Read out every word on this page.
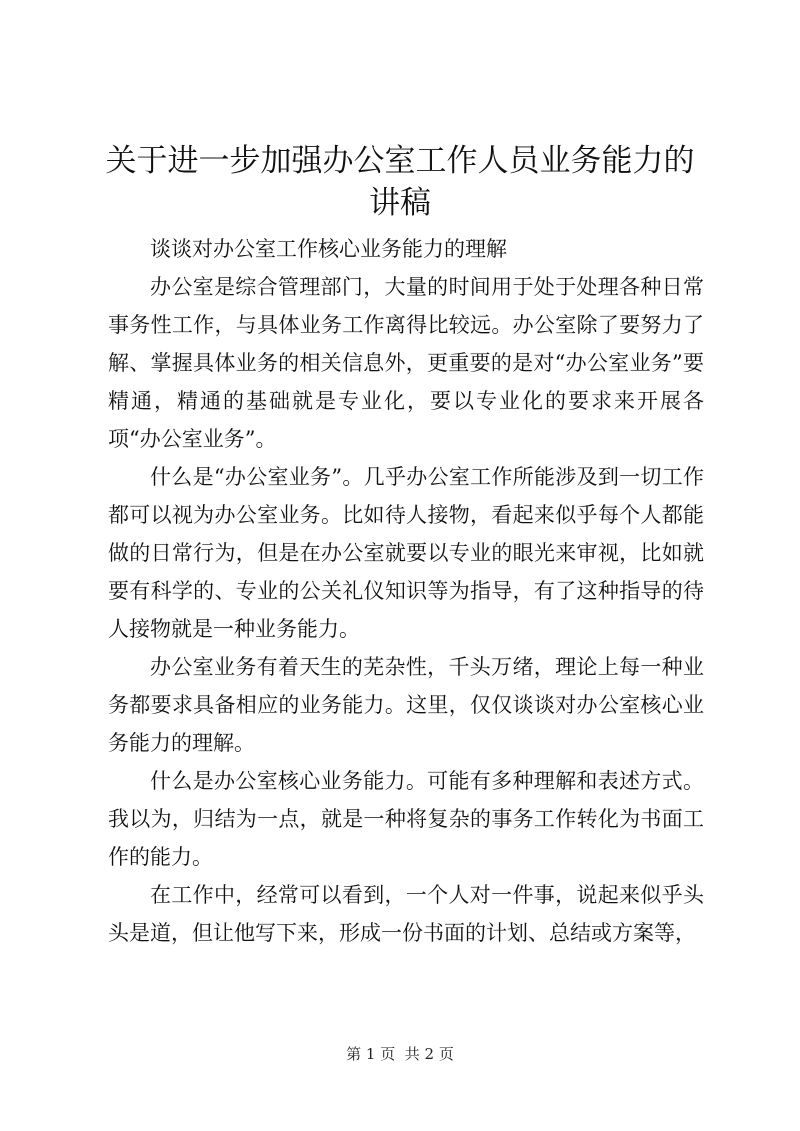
关于进一步加强办公室工作人员业务能力的讲稿

谈谈对办公室工作核心业务能力的理解

办公室是综合管理部门，大量的时间用于处于处理各种日常事务性工作，与具体业务工作离得比较远。办公室除了要努力了解、掌握具体业务的相关信息外，更重要的是对“办公室业务”要精通，精通的基础就是专业化，要以专业化的要求来开展各项“办公室业务”。

什么是“办公室业务”。几乎办公室工作所能涉及到一切工作都可以视为办公室业务。比如待人接物，看起来似乎每个人都能做的日常行为，但是在办公室就要以专业的眼光来审视，比如就要有科学的、专业的公关礼仪知识等为指导，有了这种指导的待人接物就是一种业务能力。

办公室业务有着天生的芜杂性，千头万绪，理论上每一种业务都要求具备相应的业务能力。这里，仅仅谈谈对办公室核心业务能力的理解。

什么是办公室核心业务能力。可能有多种理解和表述方式。我以为，归结为一点，就是一种将复杂的事务工作转化为书面工作的能力。

在工作中，经常可以看到，一个人对一件事，说起来似乎头头是道，但让他写下来，形成一份书面的计划、总结或方案等，

第 1 页 共 2 页
